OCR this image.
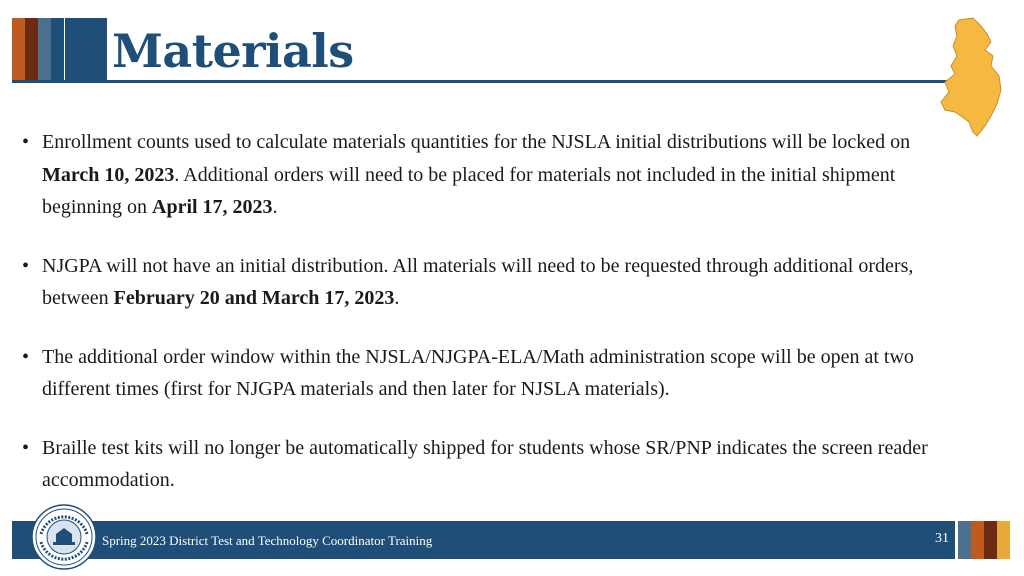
Materials
• Enrollment counts used to calculate materials quantities for the NJSLA initial distributions will be locked on March 10, 2023. Additional orders will need to be placed for materials not included in the initial shipment beginning on April 17, 2023.
• NJGPA will not have an initial distribution. All materials will need to be requested through additional orders, between February 20 and March 17, 2023.
• The additional order window within the NJSLA/NJGPA-ELA/Math administration scope will be open at two different times (first for NJGPA materials and then later for NJSLA materials).
• Braille test kits will no longer be automatically shipped for students whose SR/PNP indicates the screen reader accommodation.
Spring 2023 District Test and Technology Coordinator Training	31
